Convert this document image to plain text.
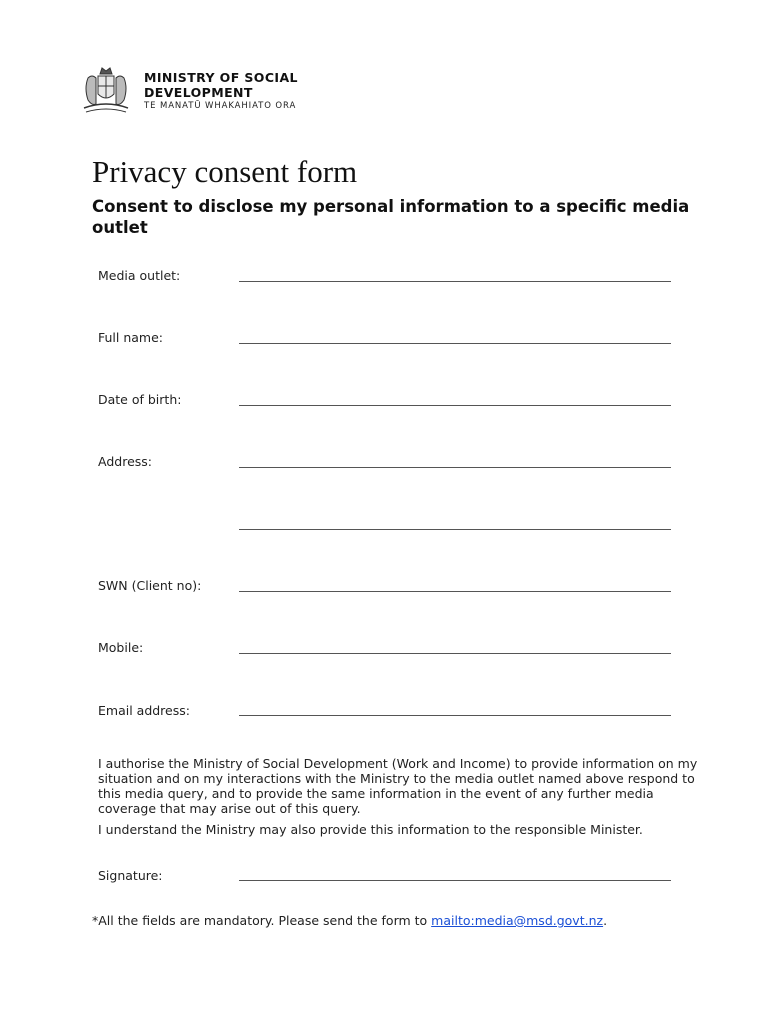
MINISTRY OF SOCIAL
DEVELOPMENT
TE MANATŪ WHAKAHIATO ORA
Privacy consent form
Consent to disclose my personal information to a specific media outlet
Media outlet:
Full name:
Date of birth:
Address:
SWN (Client no):
Mobile:
Email address:
I authorise the Ministry of Social Development (Work and Income) to provide information on my situation and on my interactions with the Ministry to the media outlet named above respond to this media query, and to provide the same information in the event of any further media coverage that may arise out of this query.
I understand the Ministry may also provide this information to the responsible Minister.
Signature:
*All the fields are mandatory. Please send the form to mailto:media@msd.govt.nz.
